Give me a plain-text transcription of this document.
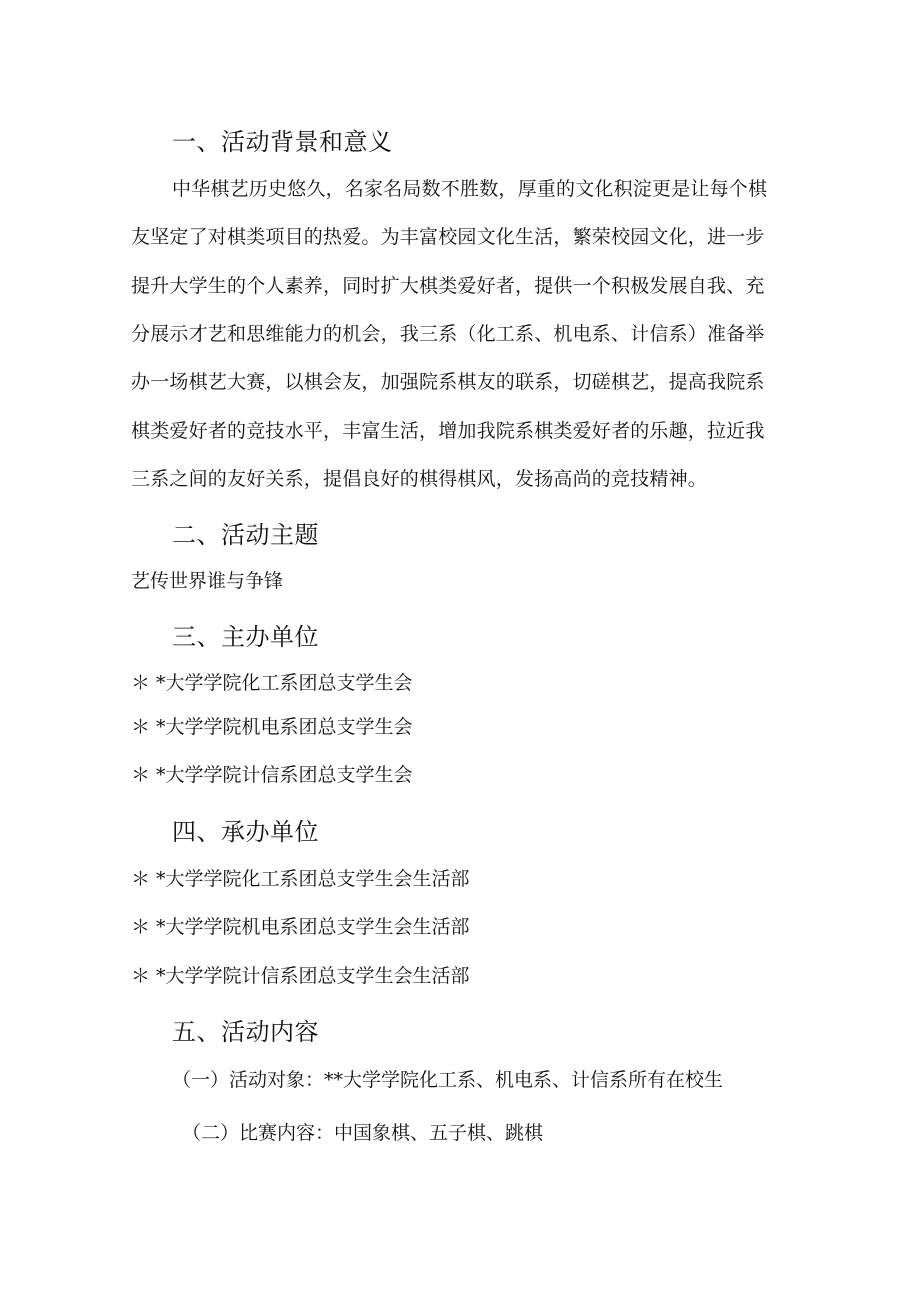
一、活动背景和意义
中华棋艺历史悠久，名家名局数不胜数，厚重的文化积淀更是让每个棋
友坚定了对棋类项目的热爱。为丰富校园文化生活，繁荣校园文化，进一步
提升大学生的个人素养，同时扩大棋类爱好者，提供一个积极发展自我、充
分展示才艺和思维能力的机会，我三系（化工系、机电系、计信系）准备举
办一场棋艺大赛，以棋会友，加强院系棋友的联系，切磋棋艺，提高我院系
棋类爱好者的竞技水平，丰富生活，增加我院系棋类爱好者的乐趣，拉近我
三系之间的友好关系，提倡良好的棋得棋风，发扬高尚的竞技精神。
二、活动主题
艺传世界谁与争锋
三、主办单位
＊ *大学学院化工系团总支学生会
＊ *大学学院机电系团总支学生会
＊ *大学学院计信系团总支学生会
四、承办单位
＊ *大学学院化工系团总支学生会生活部
＊ *大学学院机电系团总支学生会生活部
＊ *大学学院计信系团总支学生会生活部
五、活动内容
（一）活动对象：**大学学院化工系、机电系、计信系所有在校生
（二）比赛内容：中国象棋、五子棋、跳棋
